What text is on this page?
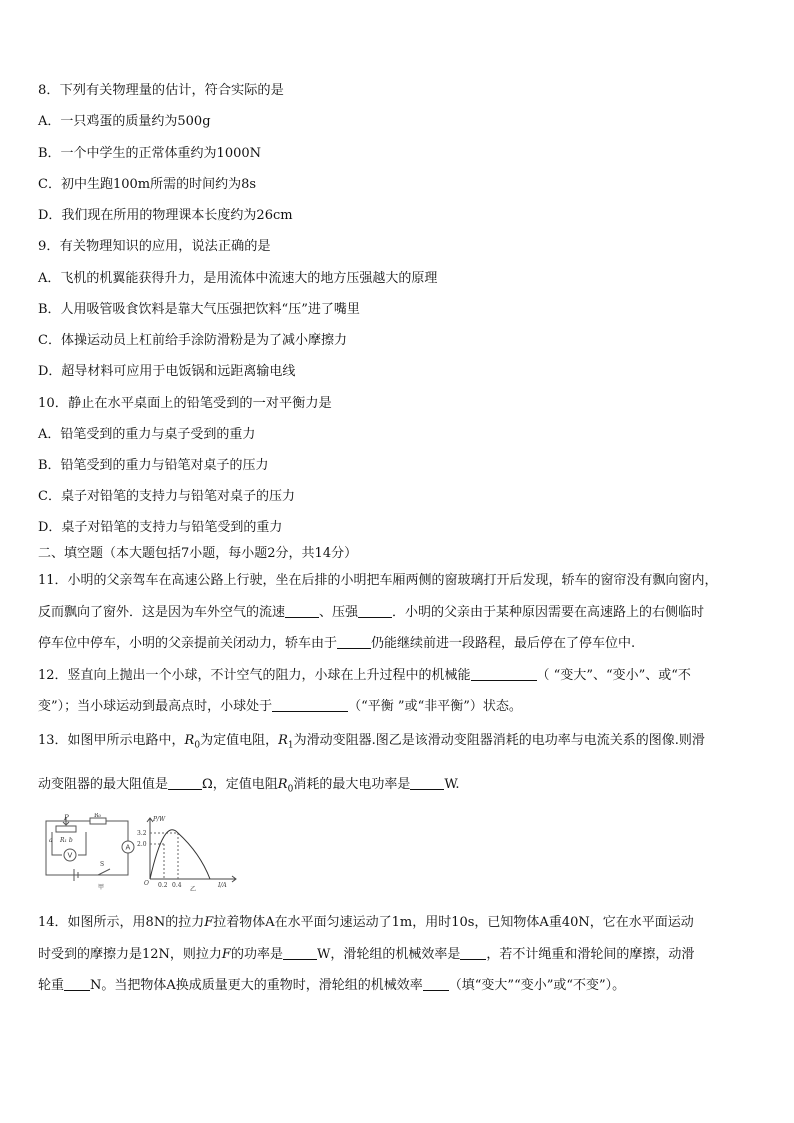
8．下列有关物理量的估计，符合实际的是
A．一只鸡蛋的质量约为500g
B．一个中学生的正常体重约为1000N
C．初中生跑100m所需的时间约为8s
D．我们现在所用的物理课本长度约为26cm
9．有关物理知识的应用，说法正确的是
A．飞机的机翼能获得升力，是用流体中流速大的地方压强越大的原理
B．人用吸管吸食饮料是靠大气压强把饮料“压”进了嘴里
C．体操运动员上杠前给手涂防滑粉是为了减小摩擦力
D．超导材料可应用于电饭锅和远距离输电线
10．静止在水平桌面上的铅笔受到的一对平衡力是
A．铅笔受到的重力与桌子受到的重力
B．铅笔受到的重力与铅笔对桌子的压力
C．桌子对铅笔的支持力与铅笔对桌子的压力
D．桌子对铅笔的支持力与铅笔受到的重力
二、填空题（本大题包括7小题，每小题2分，共14分）
11．小明的父亲驾车在高速公路上行驶，坐在后排的小明把车厢两侧的窗玻璃打开后发现，轿车的窗帘没有飘向窗内，
反而飘向了窗外．这是因为车外空气的流速	、压强	．小明的父亲由于某种原因需要在高速路上的右侧临时
停车位中停车，小明的父亲提前关闭动力，轿车由于	仍能继续前进一段路程，最后停在了停车位中.
12．竖直向上抛出一个小球，不计空气的阻力，小球在上升过程中的机械能	（ “变大”、“变小”、或“不
变”）；当小球运动到最高点时，小球处于	（“平衡 ”或“非平衡”）状态。
13．如图甲所示电路中，$R_0$为定值电阻，$R_1$为滑动变阻器.图乙是该滑动变阻器消耗的电功率与电流关系的图像.则滑
动变阻器的最大阻值是	Ω，定值电阻$R_0$消耗的最大电功率是	W.
P	R₀
a R₁ b
V
A
S
甲
P/W
3.2
2.0
O 0.2 0.4	I/A
乙
14．如图所示，用8N的拉力F拉着物体A在水平面匀速运动了1m，用时10s，已知物体A重40N，它在水平面运动
时受到的摩擦力是12N，则拉力F的功率是	W，滑轮组的机械效率是 ，若不计绳重和滑轮间的摩擦，动滑
轮重 N。当把物体A换成质量更大的重物时，滑轮组的机械效率 （填“变大”“变小”或“不变”）。
